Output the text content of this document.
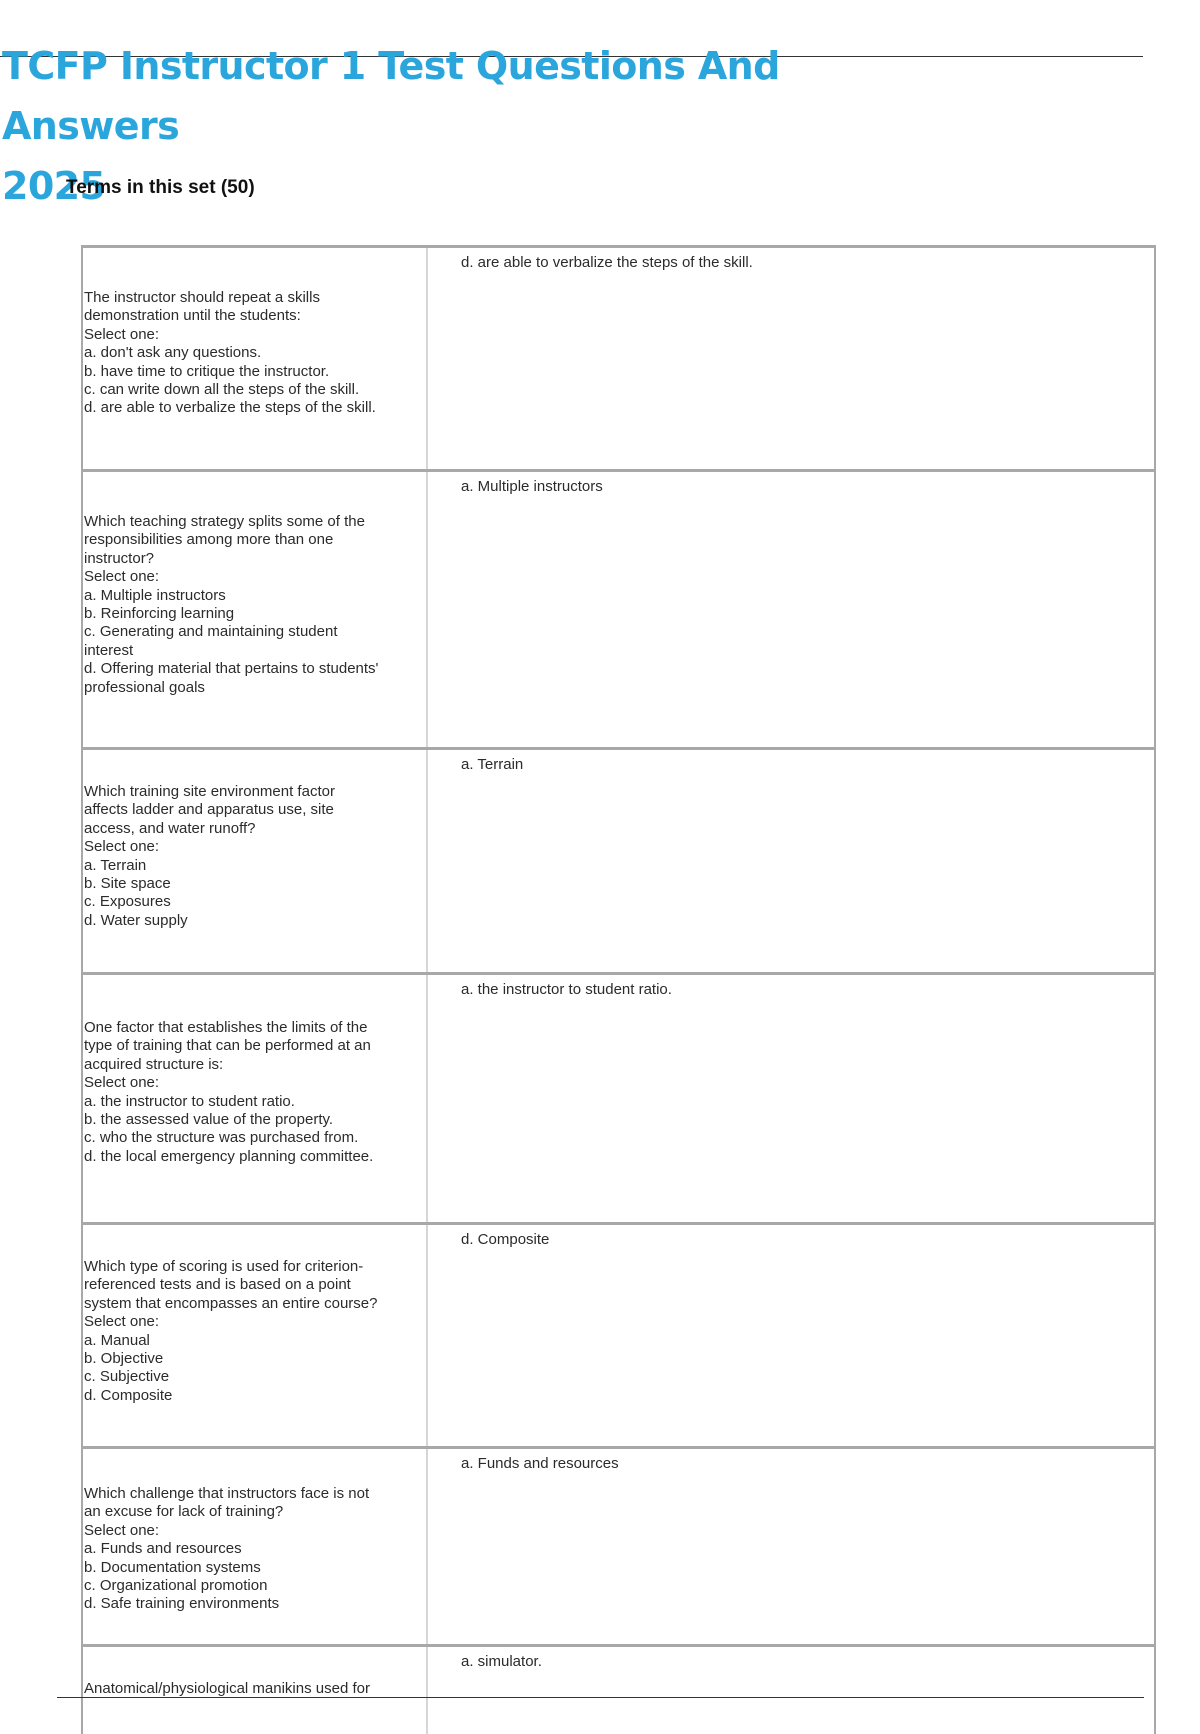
TCFP Instructor 1 Test Questions And Answers
2025

Terms in this set (50)

The instructor should repeat a skills
demonstration until the students:
Select one:
a. don't ask any questions.
b. have time to critique the instructor.
c. can write down all the steps of the skill.
d. are able to verbalize the steps of the skill.

d. are able to verbalize the steps of the skill.

Which teaching strategy splits some of the
responsibilities among more than one
instructor?
Select one:
a. Multiple instructors
b. Reinforcing learning
c. Generating and maintaining student
interest
d. Offering material that pertains to students'
professional goals

a. Multiple instructors

Which training site environment factor
affects ladder and apparatus use, site
access, and water runoff?
Select one:
a. Terrain
b. Site space
c. Exposures
d. Water supply

a. Terrain

One factor that establishes the limits of the
type of training that can be performed at an
acquired structure is:
Select one:
a. the instructor to student ratio.
b. the assessed value of the property.
c. who the structure was purchased from.
d. the local emergency planning committee.

a. the instructor to student ratio.

Which type of scoring is used for criterion-
referenced tests and is based on a point
system that encompasses an entire course?
Select one:
a. Manual
b. Objective
c. Subjective
d. Composite

d. Composite

Which challenge that instructors face is not
an excuse for lack of training?
Select one:
a. Funds and resources
b. Documentation systems
c. Organizational promotion
d. Safe training environments

a. Funds and resources

Anatomical/physiological manikins used for

a. simulator.
